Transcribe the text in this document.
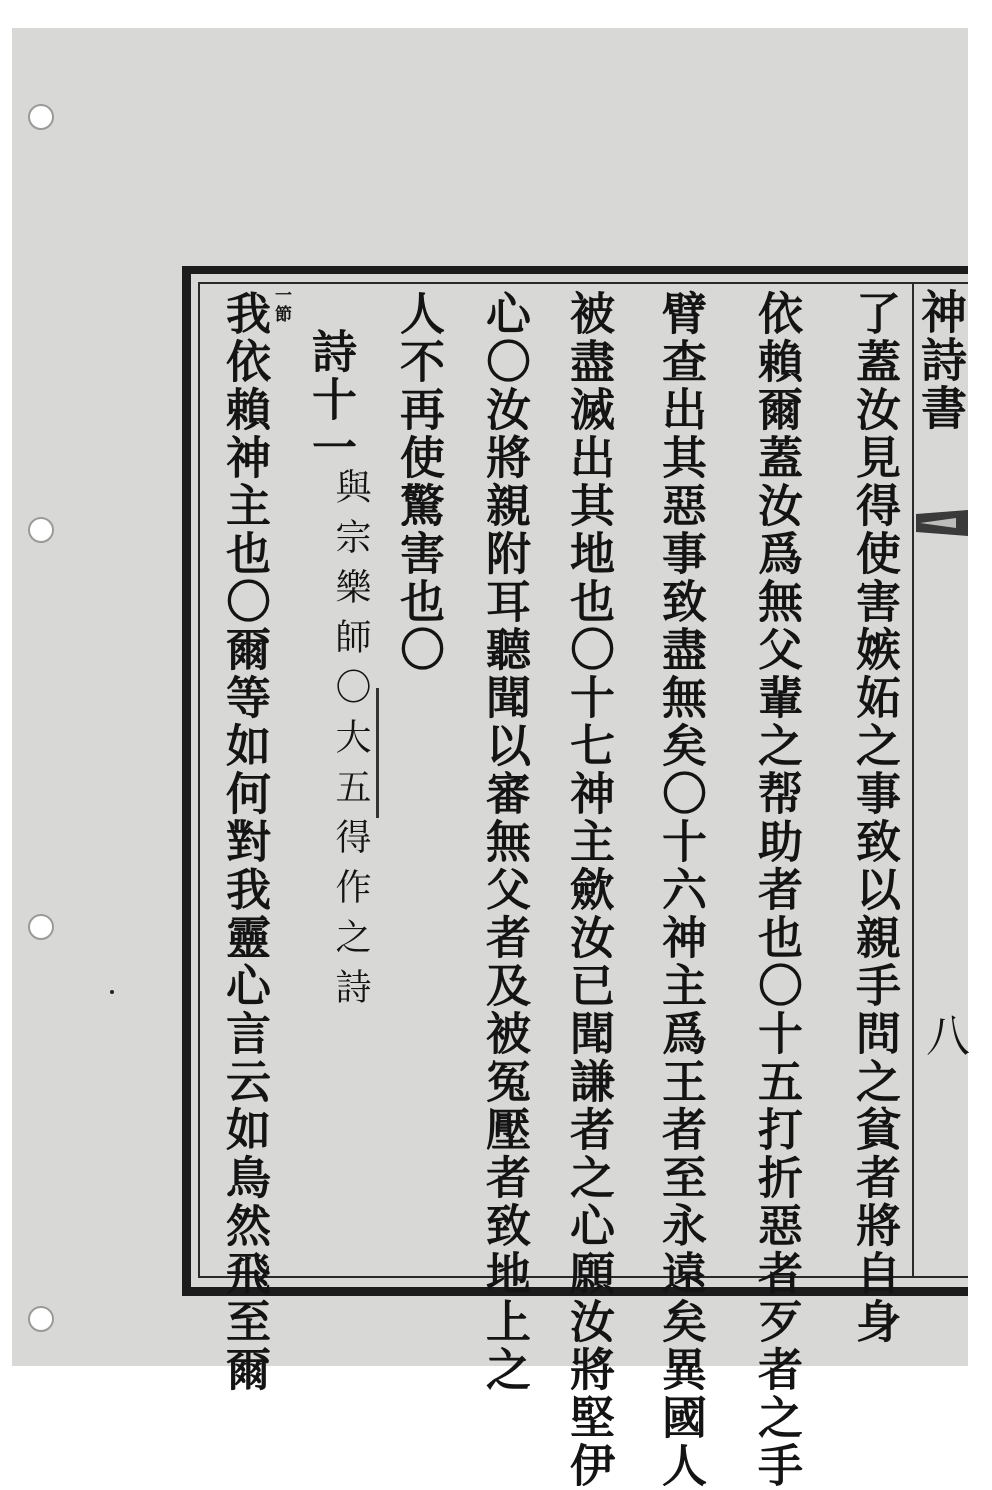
神詩書
八
了蓋汝見得使害嫉妬之事致以親手問之貧者將自身
依賴爾蓋汝爲無父輩之帮助者也〇十五打折惡者歹者之手
臂查出其惡事致盡無矣〇十六神主爲王者至永遠矣異國人
被盡滅出其地也〇十七神主歛汝已聞謙者之心願汝將堅伊
心〇汝將親附耳聽聞以審無父者及被冤壓者致地上之
人不再使驚害也〇
詩十一
與宗樂師〇大五得作之詩
一節
我依賴神主也〇爾等如何對我靈心言云如鳥然飛至爾
